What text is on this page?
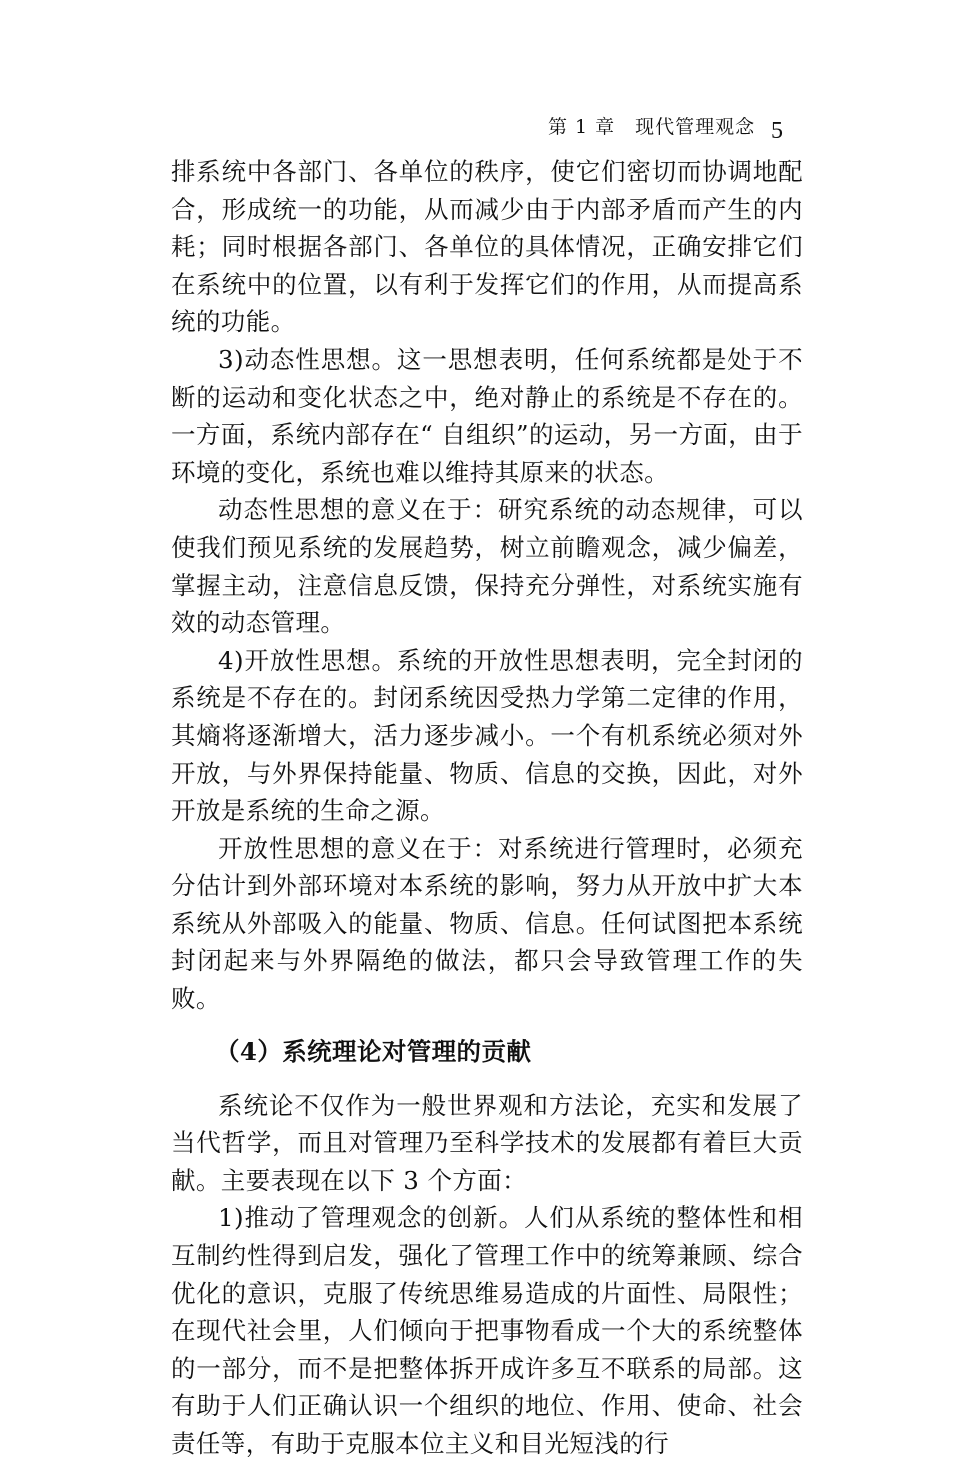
第 1 章　现代管理观念 5

排系统中各部门、各单位的秩序，使它们密切而协调地配合，形成统一的功能，从而减少由于内部矛盾而产生的内耗；同时根据各部门、各单位的具体情况，正确安排它们在系统中的位置，以有利于发挥它们的作用，从而提高系统的功能。

3)动态性思想。这一思想表明，任何系统都是处于不断的运动和变化状态之中，绝对静止的系统是不存在的。一方面，系统内部存在“ 自组织”的运动，另一方面，由于环境的变化，系统也难以维持其原来的状态。

动态性思想的意义在于：研究系统的动态规律，可以使我们预见系统的发展趋势，树立前瞻观念，减少偏差，掌握主动，注意信息反馈，保持充分弹性，对系统实施有效的动态管理。

4)开放性思想。系统的开放性思想表明，完全封闭的系统是不存在的。封闭系统因受热力学第二定律的作用，其熵将逐渐增大，活力逐步减小。一个有机系统必须对外开放，与外界保持能量、物质、信息的交换，因此，对外开放是系统的生命之源。

开放性思想的意义在于：对系统进行管理时，必须充分估计到外部环境对本系统的影响，努力从开放中扩大本系统从外部吸入的能量、物质、信息。任何试图把本系统封闭起来与外界隔绝的做法，都只会导致管理工作的失败。

（4）系统理论对管理的贡献

系统论不仅作为一般世界观和方法论，充实和发展了当代哲学，而且对管理乃至科学技术的发展都有着巨大贡献。主要表现在以下 3 个方面：

1)推动了管理观念的创新。人们从系统的整体性和相互制约性得到启发，强化了管理工作中的统筹兼顾、综合优化的意识，克服了传统思维易造成的片面性、局限性；在现代社会里，人们倾向于把事物看成一个大的系统整体的一部分，而不是把整体拆开成许多互不联系的局部。这有助于人们正确认识一个组织的地位、作用、使命、社会责任等，有助于克服本位主义和目光短浅的行
